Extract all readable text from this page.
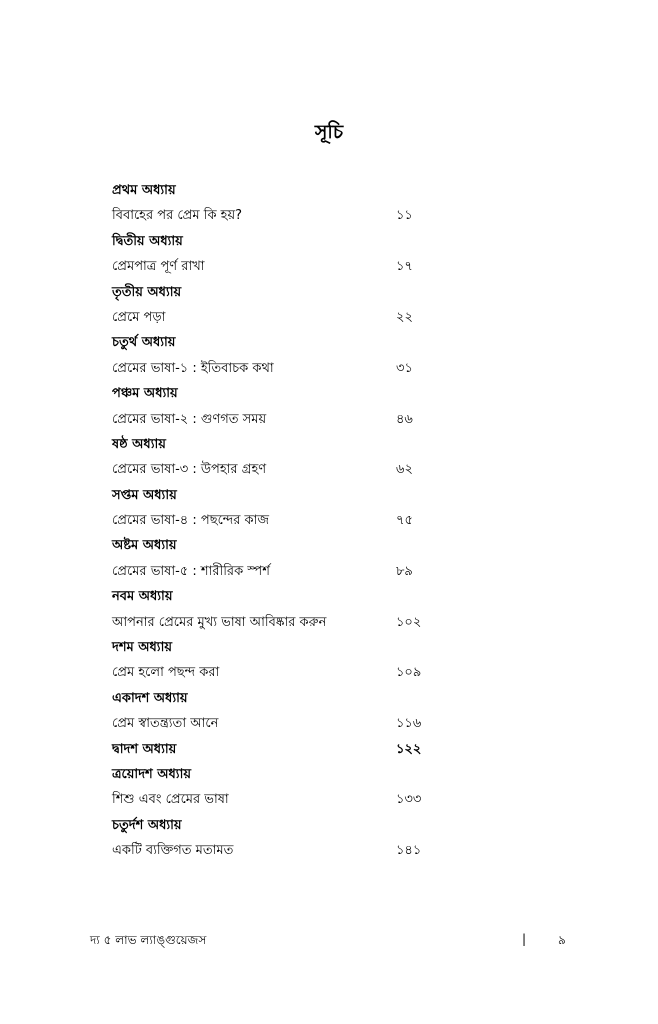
সূচি
প্রথম অধ্যায়
বিবাহের পর প্রেম কি হয়?	১১
দ্বিতীয় অধ্যায়
প্রেমপাত্র পূর্ণ রাখা	১৭
তৃতীয় অধ্যায়
প্রেমে পড়া	২২
চতুর্থ অধ্যায়
প্রেমের ভাষা-১ : ইতিবাচক কথা	৩১
পঞ্চম অধ্যায়
প্রেমের ভাষা-২ : গুণগত সময়	৪৬
ষষ্ঠ অধ্যায়
প্রেমের ভাষা-৩ : উপহার গ্রহণ	৬২
সপ্তম অধ্যায়
প্রেমের ভাষা-৪ : পছন্দের কাজ	৭৫
অষ্টম অধ্যায়
প্রেমের ভাষা-৫ : শারীরিক স্পর্শ	৮৯
নবম অধ্যায়
আপনার প্রেমের মুখ্য ভাষা আবিষ্কার করুন	১০২
দশম অধ্যায়
প্রেম হলো পছন্দ করা	১০৯
একাদশ অধ্যায়
প্রেম স্বাতন্ত্র্যতা আনে	১১৬
দ্বাদশ অধ্যায়	১২২
ত্রয়োদশ অধ্যায়
শিশু এবং প্রেমের ভাষা	১৩৩
চতুর্দশ অধ্যায়
একটি ব্যক্তিগত মতামত	১৪১
দ্য ৫ লাভ ল্যাঙ্গুয়েজস	|	৯
